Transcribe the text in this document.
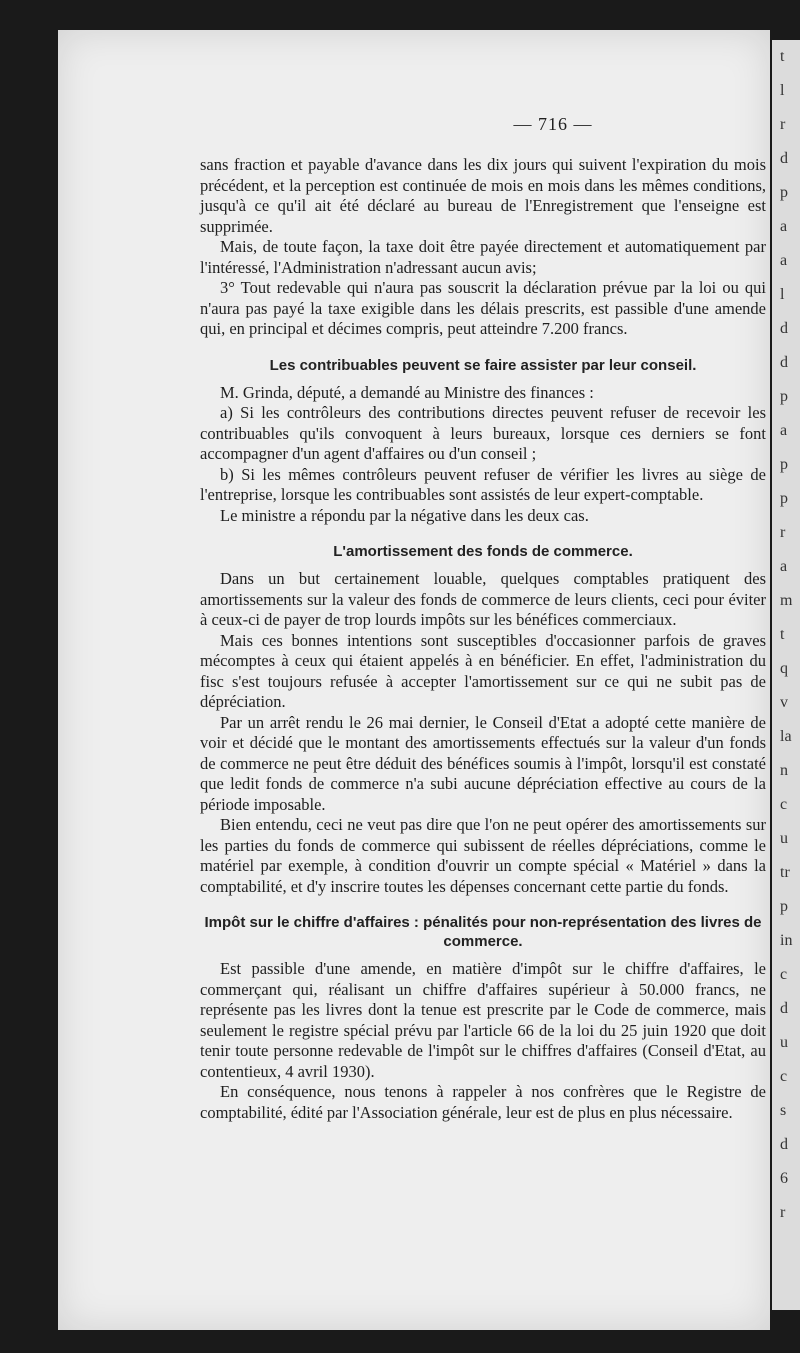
t
l
r
d
p
a
a
l
d
d
p
a
p
p
r
a
m
t
q
v
la
n
c
u
tr
p
in
c
d
u
c
s
d
6
r
— 716 —

sans fraction et payable d'avance dans les dix jours qui suivent l'expiration du mois précédent, et la perception est continuée de mois en mois dans les mêmes conditions, jusqu'à ce qu'il ait été déclaré au bureau de l'Enregistrement que l'enseigne est supprimée.

Mais, de toute façon, la taxe doit être payée directement et automatiquement par l'intéressé, l'Administration n'adressant aucun avis;

3° Tout redevable qui n'aura pas souscrit la déclaration prévue par la loi ou qui n'aura pas payé la taxe exigible dans les délais prescrits, est passible d'une amende qui, en principal et décimes compris, peut atteindre 7.200 francs.

Les contribuables peuvent se faire assister par leur conseil.

M. Grinda, député, a demandé au Ministre des finances :

a) Si les contrôleurs des contributions directes peuvent refuser de recevoir les contribuables qu'ils convoquent à leurs bureaux, lorsque ces derniers se font accompagner d'un agent d'affaires ou d'un conseil ;

b) Si les mêmes contrôleurs peuvent refuser de vérifier les livres au siège de l'entreprise, lorsque les contribuables sont assistés de leur expert-comptable.

Le ministre a répondu par la négative dans les deux cas.

L'amortissement des fonds de commerce.

Dans un but certainement louable, quelques comptables pratiquent des amortissements sur la valeur des fonds de commerce de leurs clients, ceci pour éviter à ceux-ci de payer de trop lourds impôts sur les bénéfices commerciaux.

Mais ces bonnes intentions sont susceptibles d'occasionner parfois de graves mécomptes à ceux qui étaient appelés à en bénéficier. En effet, l'administration du fisc s'est toujours refusée à accepter l'amortissement sur ce qui ne subit pas de dépréciation.

Par un arrêt rendu le 26 mai dernier, le Conseil d'Etat a adopté cette manière de voir et décidé que le montant des amortissements effectués sur la valeur d'un fonds de commerce ne peut être déduit des bénéfices soumis à l'impôt, lorsqu'il est constaté que ledit fonds de commerce n'a subi aucune dépréciation effective au cours de la période imposable.

Bien entendu, ceci ne veut pas dire que l'on ne peut opérer des amortissements sur les parties du fonds de commerce qui subissent de réelles dépréciations, comme le matériel par exemple, à condition d'ouvrir un compte spécial « Matériel » dans la comptabilité, et d'y inscrire toutes les dépenses concernant cette partie du fonds.

Impôt sur le chiffre d'affaires : pénalités pour non-représentation des livres de commerce.

Est passible d'une amende, en matière d'impôt sur le chiffre d'affaires, le commerçant qui, réalisant un chiffre d'affaires supérieur à 50.000 francs, ne représente pas les livres dont la tenue est prescrite par le Code de commerce, mais seulement le registre spécial prévu par l'article 66 de la loi du 25 juin 1920 que doit tenir toute personne redevable de l'impôt sur le chiffres d'affaires (Conseil d'Etat, au contentieux, 4 avril 1930).

En conséquence, nous tenons à rappeler à nos confrères que le Registre de comptabilité, édité par l'Association générale, leur est de plus en plus nécessaire.
